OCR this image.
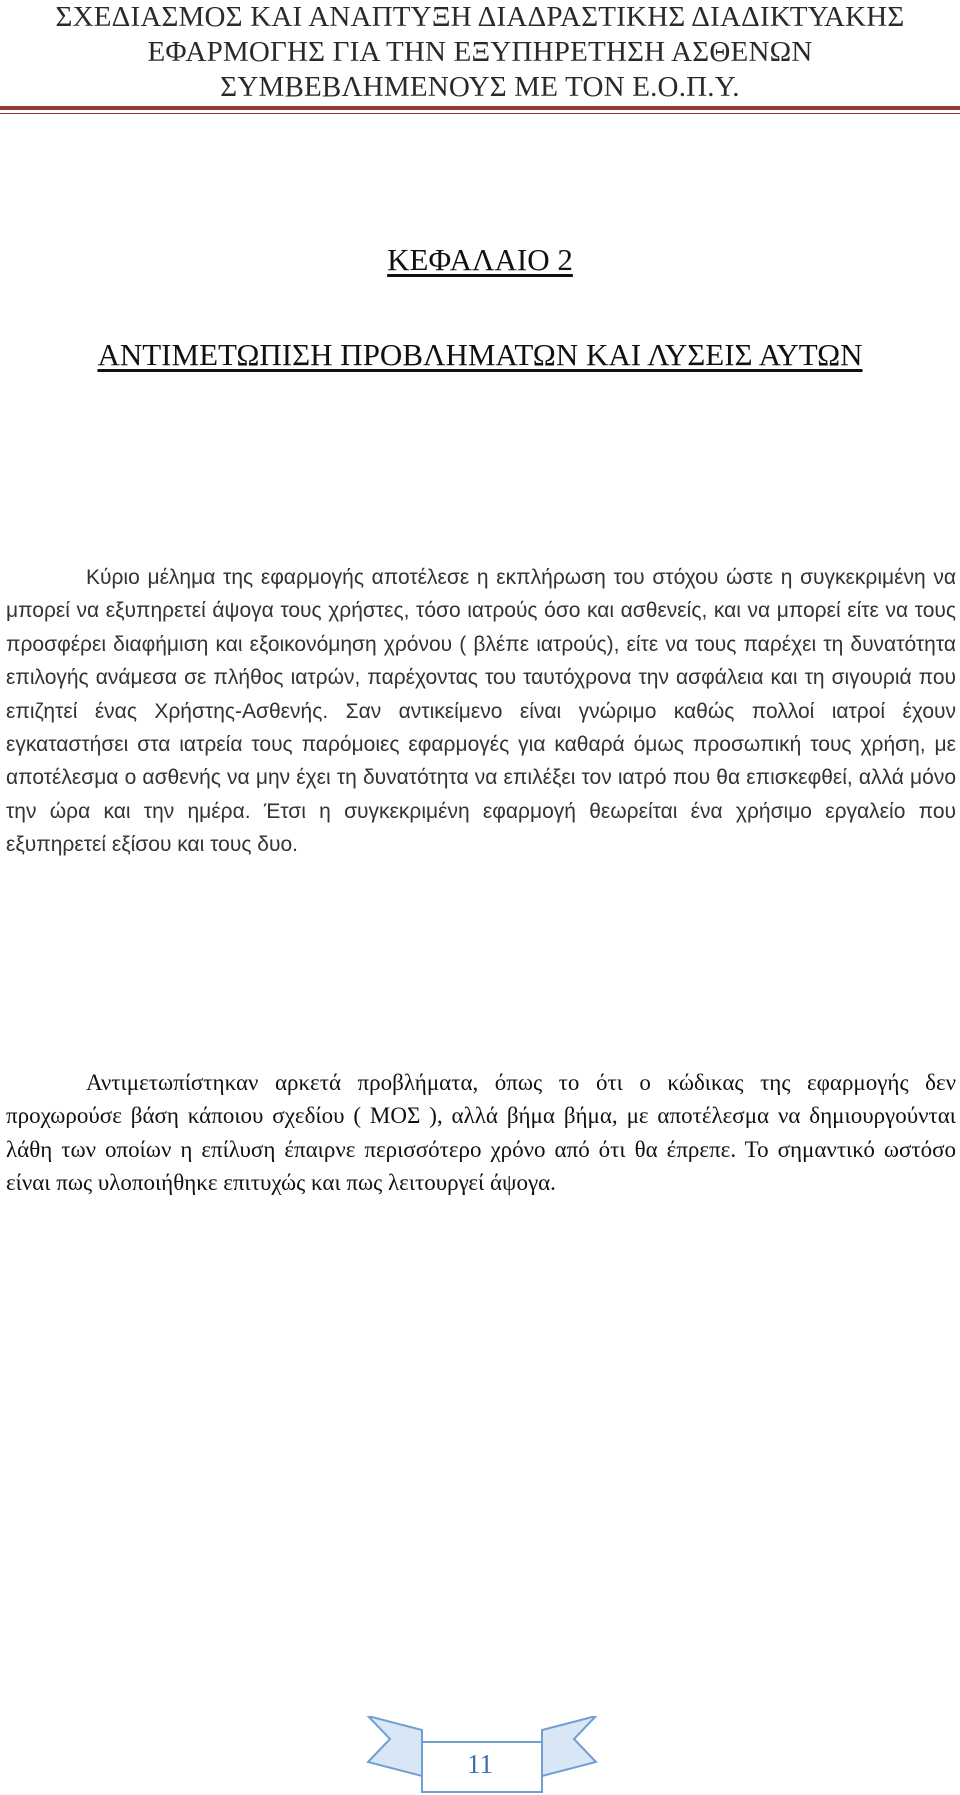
ΣΧΕΔΙΑΣΜΟΣ ΚΑΙ ΑΝΑΠΤΥΞΗ ΔΙΑΔΡΑΣΤΙΚΗΣ ΔΙΑΔΙΚΤΥΑΚΗΣ
ΕΦΑΡΜΟΓΗΣ ΓΙΑ ΤΗΝ ΕΞΥΠΗΡΕΤΗΣΗ ΑΣΘΕΝΩΝ
ΣΥΜΒΕΒΛΗΜΕΝΟΥΣ ΜΕ ΤΟΝ Ε.Ο.Π.Υ.
ΚΕΦΑΛΑΙΟ 2
ΑΝΤΙΜΕΤΩΠΙΣΗ ΠΡΟΒΛΗΜΑΤΩΝ ΚΑΙ ΛΥΣΕΙΣ ΑΥΤΩΝ

Κύριο μέλημα της εφαρμογής αποτέλεσε η εκπλήρωση του στόχου ώστε η συγκεκριμένη να μπορεί να εξυπηρετεί άψογα τους χρήστες, τόσο ιατρούς όσο και ασθενείς, και να μπορεί είτε να τους προσφέρει διαφήμιση και εξοικονόμηση χρόνου ( βλέπε ιατρούς), είτε να τους παρέχει τη δυνατότητα επιλογής ανάμεσα σε πλήθος ιατρών, παρέχοντας του ταυτόχρονα την ασφάλεια και τη σιγουριά που επιζητεί ένας Χρήστης-Ασθενής. Σαν αντικείμενο είναι γνώριμο καθώς πολλοί ιατροί έχουν εγκαταστήσει στα ιατρεία τους παρόμοιες εφαρμογές για καθαρά όμως προσωπική τους χρήση, με αποτέλεσμα ο ασθενής να μην έχει τη δυνατότητα να επιλέξει τον ιατρό που θα επισκεφθεί, αλλά μόνο την ώρα και την ημέρα. Έτσι η συγκεκριμένη εφαρμογή θεωρείται ένα χρήσιμο εργαλείο που εξυπηρετεί εξίσου και τους δυο.

Αντιμετωπίστηκαν αρκετά προβλήματα, όπως το ότι ο κώδικας της εφαρμογής δεν προχωρούσε βάση κάποιου σχεδίου ( ΜΟΣ ), αλλά βήμα βήμα, με αποτέλεσμα να δημιουργούνται λάθη των οποίων η επίλυση έπαιρνε περισσότερο χρόνο από ότι θα έπρεπε. Το σημαντικό ωστόσο είναι πως υλοποιήθηκε επιτυχώς και πως λειτουργεί άψογα.

11
